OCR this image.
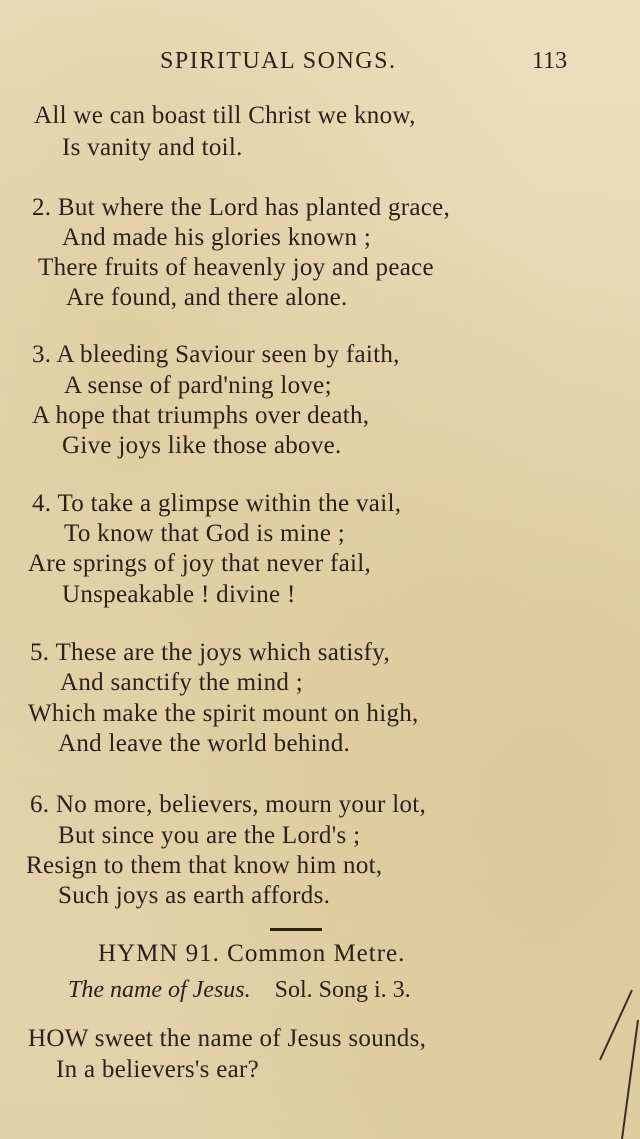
SPIRITUAL SONGS.	113
All we can boast till Christ we know,
Is vanity and toil.
2. But where the Lord has planted grace,
And made his glories known ;
There fruits of heavenly joy and peace
Are found, and there alone.
3. A bleeding Saviour seen by faith,
A sense of pard'ning love;
A hope that triumphs over death,
Give joys like those above.
4. To take a glimpse within the vail,
To know that God is mine ;
Are springs of joy that never fail,
Unspeakable ! divine !
5. These are the joys which satisfy,
And sanctify the mind ;
Which make the spirit mount on high,
And leave the world behind.
6. No more, believers, mourn your lot,
But since you are the Lord's ;
Resign to them that know him not,
Such joys as earth affords.
HYMN 91. Common Metre.
The name of Jesus. Sol. Song i. 3.
HOW sweet the name of Jesus sounds,
In a believers's ear?
